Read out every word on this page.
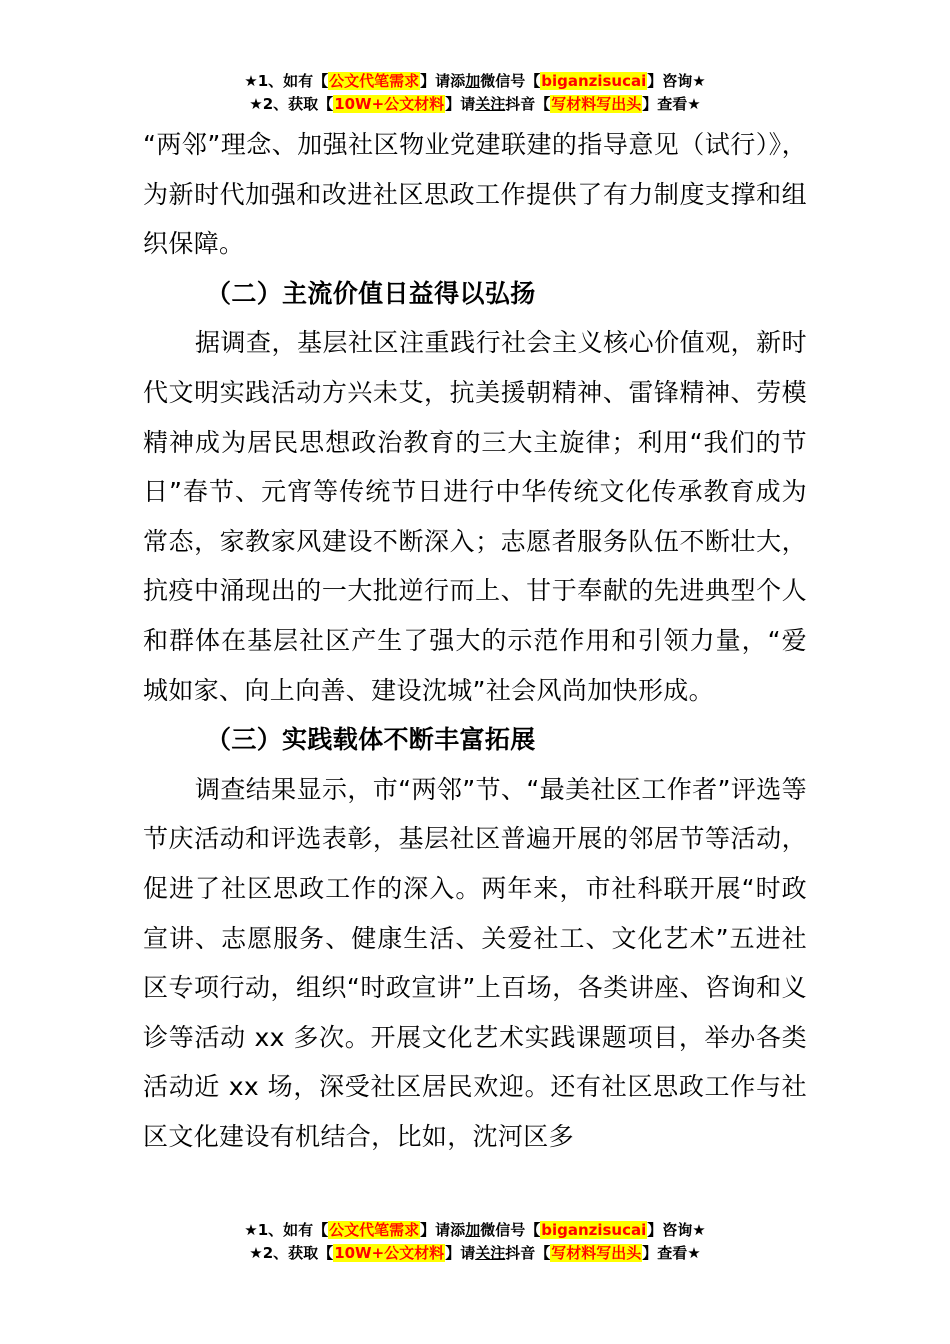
★1、如有【公文代笔需求】请添加微信号【biganzisucai】咨询★
★2、获取【10W+公文材料】请关注抖音【写材料写出头】查看★

“两邻”理念、加强社区物业党建联建的指导意见（试行）》，为新时代加强和改进社区思政工作提供了有力制度支撑和组织保障。

（二）主流价值日益得以弘扬

据调查，基层社区注重践行社会主义核心价值观，新时代文明实践活动方兴未艾，抗美援朝精神、雷锋精神、劳模精神成为居民思想政治教育的三大主旋律；利用“我们的节日”春节、元宵等传统节日进行中华传统文化传承教育成为常态，家教家风建设不断深入；志愿者服务队伍不断壮大，抗疫中涌现出的一大批逆行而上、甘于奉献的先进典型个人和群体在基层社区产生了强大的示范作用和引领力量，“爱城如家、向上向善、建设沈城”社会风尚加快形成。

（三）实践载体不断丰富拓展

调查结果显示，市“两邻”节、“最美社区工作者”评选等节庆活动和评选表彰，基层社区普遍开展的邻居节等活动，促进了社区思政工作的深入。两年来，市社科联开展“时政宣讲、志愿服务、健康生活、关爱社工、文化艺术”五进社区专项行动，组织“时政宣讲”上百场，各类讲座、咨询和义诊等活动 xx 多次。开展文化艺术实践课题项目，举办各类活动近 xx 场，深受社区居民欢迎。还有社区思政工作与社区文化建设有机结合，比如，沈河区多

★1、如有【公文代笔需求】请添加微信号【biganzisucai】咨询★
★2、获取【10W+公文材料】请关注抖音【写材料写出头】查看★
